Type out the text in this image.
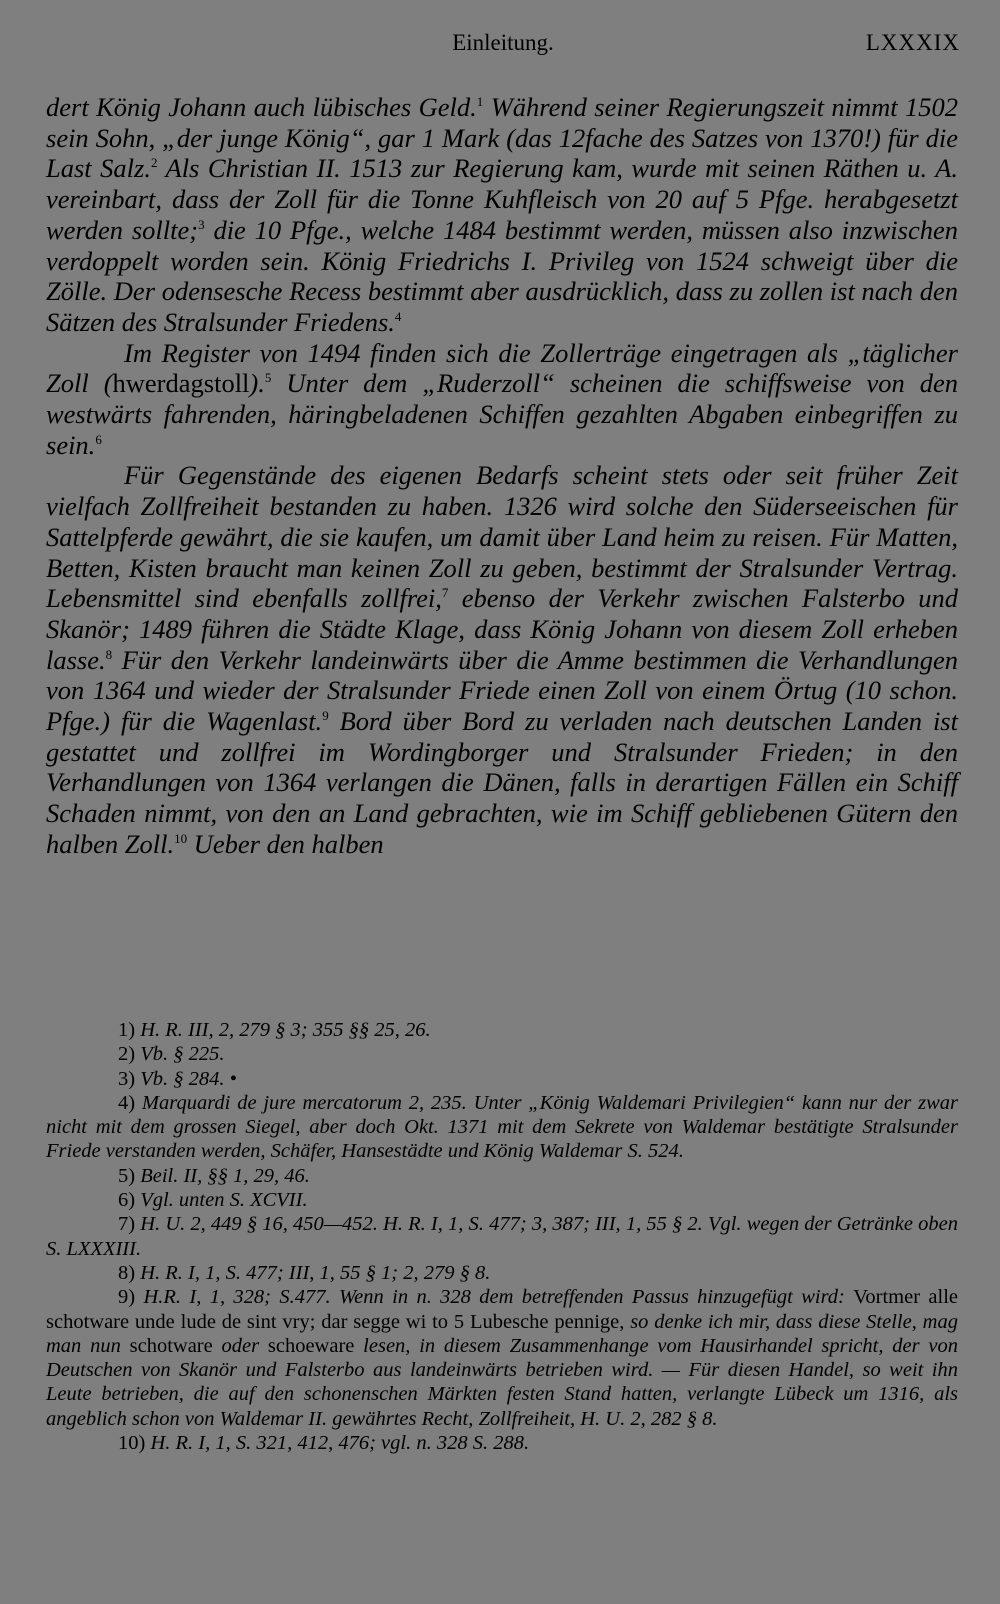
Einleitung.	LXXXIX

dert König Johann auch lübisches Geld.$^1$ Während seiner Regierungszeit nimmt 1502 sein Sohn, „der junge König“, gar 1 Mark (das 12fache des Satzes von 1370!) für die Last Salz.$^2$ Als Christian II. 1513 zur Regierung kam, wurde mit seinen Räthen u. A. vereinbart, dass der Zoll für die Tonne Kuhfleisch von 20 auf 5 Pfge. herabgesetzt werden sollte;$^3$ die 10 Pfge., welche 1484 bestimmt werden, müssen also inzwischen verdoppelt worden sein. König Friedrichs I. Privileg von 1524 schweigt über die Zölle. Der odensesche Recess bestimmt aber ausdrücklich, dass zu zollen ist nach den Sätzen des Stralsunder Friedens.$^4$

Im Register von 1494 finden sich die Zollerträge eingetragen als „täglicher Zoll (hwerdagstoll).$^5$ Unter dem „Ruderzoll“ scheinen die schiffsweise von den westwärts fahrenden, häringbeladenen Schiffen gezahlten Abgaben einbegriffen zu sein.$^6$

Für Gegenstände des eigenen Bedarfs scheint stets oder seit früher Zeit vielfach Zollfreiheit bestanden zu haben. 1326 wird solche den Süderseeischen für Sattelpferde gewährt, die sie kaufen, um damit über Land heim zu reisen. Für Matten, Betten, Kisten braucht man keinen Zoll zu geben, bestimmt der Stralsunder Vertrag. Lebensmittel sind ebenfalls zollfrei,$^7$ ebenso der Verkehr zwischen Falsterbo und Skanör; 1489 führen die Städte Klage, dass König Johann von diesem Zoll erheben lasse.$^8$ Für den Verkehr landeinwärts über die Amme bestimmen die Verhandlungen von 1364 und wieder der Stralsunder Friede einen Zoll von einem Örtug (10 schon. Pfge.) für die Wagenlast.$^9$ Bord über Bord zu verladen nach deutschen Landen ist gestattet und zollfrei im Wordingborger und Stralsunder Frieden; in den Verhandlungen von 1364 verlangen die Dänen, falls in derartigen Fällen ein Schiff Schaden nimmt, von den an Land gebrachten, wie im Schiff gebliebenen Gütern den halben Zoll.$^{10}$ Ueber den halben

1) H. R. III, 2, 279 § 3; 355 §§ 25, 26.

2) Vb. § 225.

3) Vb. § 284. •

4) Marquardi de jure mercatorum 2, 235. Unter „König Waldemari Privilegien“ kann nur der zwar nicht mit dem grossen Siegel, aber doch Okt. 1371 mit dem Sekrete von Waldemar bestätigte Stralsunder Friede verstanden werden, Schäfer, Hansestädte und König Waldemar S. 524.

5) Beil. II, §§ 1, 29, 46.

6) Vgl. unten S. XCVII.

7) H. U. 2, 449 § 16, 450—452. H. R. I, 1, S. 477; 3, 387; III, 1, 55 § 2. Vgl. wegen der Getränke oben S. LXXXIII.

8) H. R. I, 1, S. 477; III, 1, 55 § 1; 2, 279 § 8.

9) H.R. I, 1, 328; S.477. Wenn in n. 328 dem betreffenden Passus hinzugefügt wird: Vortmer alle schotware unde lude de sint vry; dar segge wi to 5 Lubesche pennige, so denke ich mir, dass diese Stelle, mag man nun schotware oder schoeware lesen, in diesem Zusammenhange vom Hausirhandel spricht, der von Deutschen von Skanör und Falsterbo aus landeinwärts betrieben wird. — Für diesen Handel, so weit ihn Leute betrieben, die auf den schonenschen Märkten festen Stand hatten, verlangte Lübeck um 1316, als angeblich schon von Waldemar II. gewährtes Recht, Zollfreiheit, H. U. 2, 282 § 8.

10) H. R. I, 1, S. 321, 412, 476; vgl. n. 328 S. 288.
